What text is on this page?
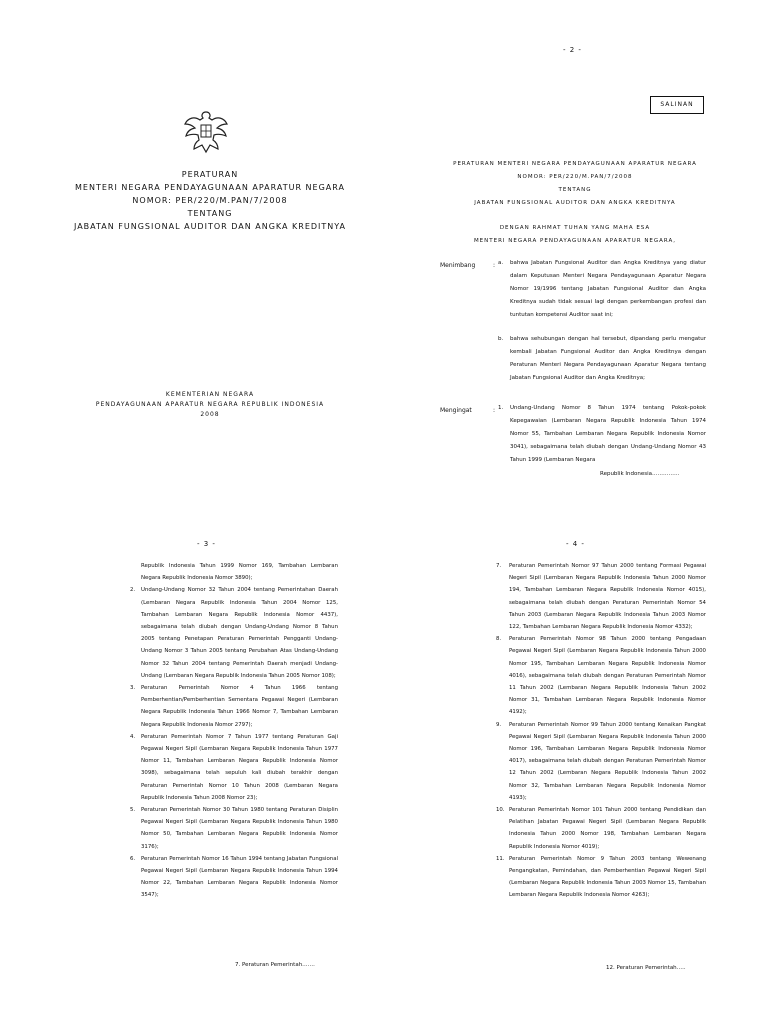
- 2 -
SALINAN
PERATURAN MENTERI NEGARA PENDAYAGUNAAN APARATUR NEGARA
NOMOR: PER/220/M.PAN/7/2008
TENTANG
JABATAN FUNGSIONAL AUDITOR DAN ANGKA KREDITNYA
DENGAN RAHMAT TUHAN YANG MAHA ESA
MENTERI NEGARA PENDAYAGUNAAN APARATUR NEGARA,
Menimbang	: a. bahwa Jabatan Fungsional Auditor dan Angka Kreditnya yang diatur dalam Keputusan Menteri Negara Pendayagunaan Aparatur Negara Nomor 19/1996 tentang Jabatan Fungsional Auditor dan Angka Kreditnya sudah tidak sesuai lagi dengan perkembangan profesi dan tuntutan kompetensi Auditor saat ini;
b. bahwa sehubungan dengan hal tersebut, dipandang perlu mengatur kembali Jabatan Fungsional Auditor dan Angka Kreditnya dengan Peraturan Menteri Negara Pendayagunaan Aparatur Negara tentang Jabatan Fungsional Auditor dan Angka Kreditnya;
Mengingat	: 1. Undang-Undang Nomor 8 Tahun 1974 tentang Pokok-pokok Kepegawaian (Lembaran Negara Republik Indonesia Tahun 1974 Nomor 55, Tambahan Lembaran Negara Republik Indonesia Nomor 3041), sebagaimana telah diubah dengan Undang-Undang Nomor 43 Tahun 1999 (Lembaran Negara
Republik Indonesia……………
PERATURAN
MENTERI NEGARA PENDAYAGUNAAN APARATUR NEGARA
NOMOR: PER/220/M.PAN/7/2008
TENTANG
JABATAN FUNGSIONAL AUDITOR DAN ANGKA KREDITNYA
KEMENTERIAN NEGARA
PENDAYAGUNAAN APARATUR NEGARA REPUBLIK INDONESIA
2008
- 3 -
Republik Indonesia Tahun 1999 Nomor 169, Tambahan Lembaran Negara Republik Indonesia Nomor 3890);
2. Undang-Undang Nomor 32 Tahun 2004 tentang Pemerintahan Daerah (Lembaran Negara Republik Indonesia Tahun 2004 Nomor 125, Tambahan Lembaran Negara Republik Indonesia Nomor 4437), sebagaimana telah diubah dengan Undang-Undang Nomor 8 Tahun 2005 tentang Penetapan Peraturan Pemerintah Pengganti Undang-Undang Nomor 3 Tahun 2005 tentang Perubahan Atas Undang-Undang Nomor 32 Tahun 2004 tentang Pemerintah Daerah menjadi Undang-Undang (Lembaran Negara Republik Indonesia Tahun 2005 Nomor 108);
3. Peraturan Pemerintah Nomor 4 Tahun 1966 tentang Pemberhentian/Pemberhentian Sementara Pegawai Negeri (Lembaran Negara Republik Indonesia Tahun 1966 Nomor 7, Tambahan Lembaran Negara Republik Indonesia Nomor 2797);
4. Peraturan Pemerintah Nomor 7 Tahun 1977 tentang Peraturan Gaji Pegawai Negeri Sipil (Lembaran Negara Republik Indonesia Tahun 1977 Nomor 11, Tambahan Lembaran Negara Republik Indonesia Nomor 3098), sebagaimana telah sepuluh kali diubah terakhir dengan Peraturan Pemerintah Nomor 10 Tahun 2008 (Lembaran Negara Republik Indonesia Tahun 2008 Nomor 23);
5. Peraturan Pemerintah Nomor 30 Tahun 1980 tentang Peraturan Disiplin Pegawai Negeri Sipil (Lembaran Negara Republik Indonesia Tahun 1980 Nomor 50, Tambahan Lembaran Negara Republik Indonesia Nomor 3176);
6. Peraturan Pemerintah Nomor 16 Tahun 1994 tentang Jabatan Fungsional Pegawai Negeri Sipil (Lembaran Negara Republik Indonesia Tahun 1994 Nomor 22, Tambahan Lembaran Negara Republik Indonesia Nomor 3547);
7. Peraturan Pemerintah…….
- 4 -
7. Peraturan Pemerintah Nomor 97 Tahun 2000 tentang Formasi Pegawai Negeri Sipil (Lembaran Negara Republik Indonesia Tahun 2000 Nomor 194, Tambahan Lembaran Negara Republik Indonesia Nomor 4015), sebagaimana telah diubah dengan Peraturan Pemerintah Nomor 54 Tahun 2003 (Lembaran Negara Republik Indonesia Tahun 2003 Nomor 122, Tambahan Lembaran Negara Republik Indonesia Nomor 4332);
8. Peraturan Pemerintah Nomor 98 Tahun 2000 tentang Pengadaan Pegawai Negeri Sipil (Lembaran Negara Republik Indonesia Tahun 2000 Nomor 195, Tambahan Lembaran Negara Republik Indonesia Nomor 4016), sebagaimana telah diubah dengan Peraturan Pemerintah Nomor 11 Tahun 2002 (Lembaran Negara Republik Indonesia Tahun 2002 Nomor 31, Tambahan Lembaran Negara Republik Indonesia Nomor 4192);
9. Peraturan Pemerintah Nomor 99 Tahun 2000 tentang Kenaikan Pangkat Pegawai Negeri Sipil (Lembaran Negara Republik Indonesia Tahun 2000 Nomor 196, Tambahan Lembaran Negara Republik Indonesia Nomor 4017), sebagaimana telah diubah dengan Peraturan Pemerintah Nomor 12 Tahun 2002 (Lembaran Negara Republik Indonesia Tahun 2002 Nomor 32, Tambahan Lembaran Negara Republik Indonesia Nomor 4193);
10. Peraturan Pemerintah Nomor 101 Tahun 2000 tentang Pendidikan dan Pelatihan Jabatan Pegawai Negeri Sipil (Lembaran Negara Republik Indonesia Tahun 2000 Nomor 198, Tambahan Lembaran Negara Republik Indonesia Nomor 4019);
11. Peraturan Pemerintah Nomor 9 Tahun 2003 tentang Wewenang Pengangkatan, Pemindahan, dan Pemberhentian Pegawai Negeri Sipil (Lembaran Negara Republik Indonesia Tahun 2003 Nomor 15, Tambahan Lembaran Negara Republik Indonesia Nomor 4263);
12. Peraturan Pemerintah…..
